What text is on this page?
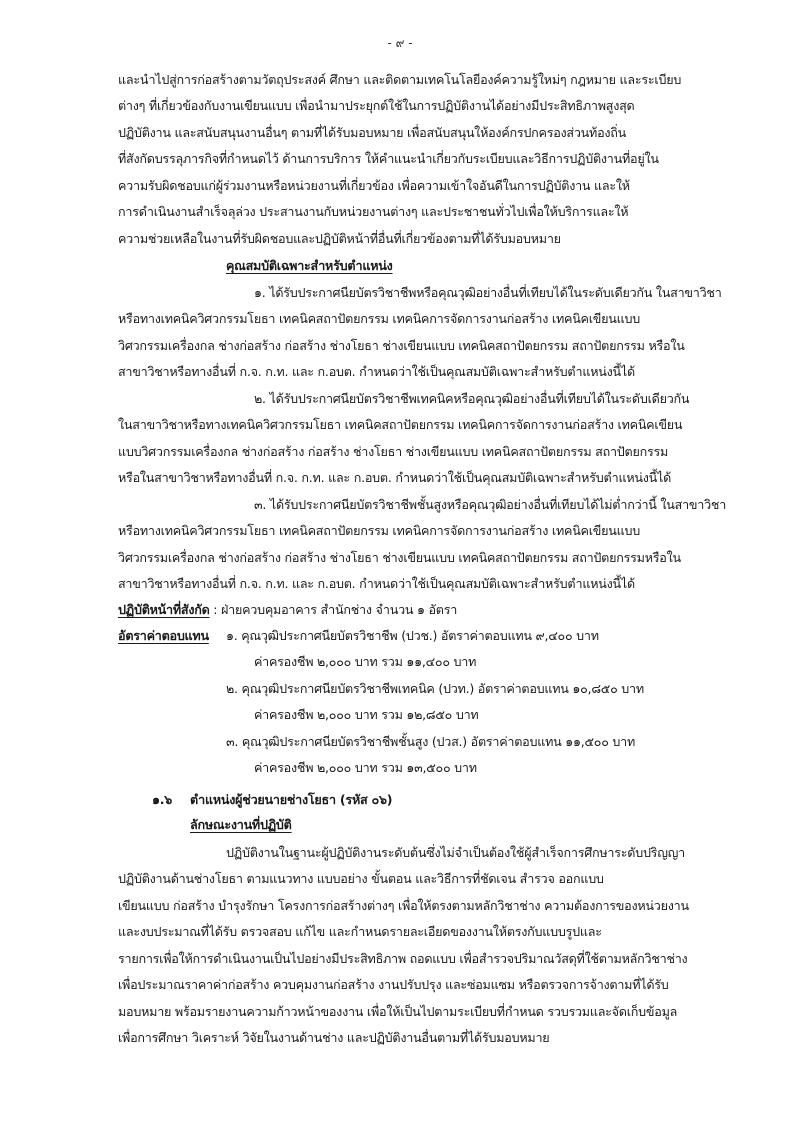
- ๙ -
และนำไปสู่การก่อสร้างตามวัตถุประสงค์ ศึกษา และติดตามเทคโนโลยีองค์ความรู้ใหม่ๆ กฎหมาย และระเบียบ
ต่างๆ ที่เกี่ยวข้องกับงานเขียนแบบ เพื่อนำมาประยุกต์ใช้ในการปฏิบัติงานได้อย่างมีประสิทธิภาพสูงสุด
ปฏิบัติงาน และสนับสนุนงานอื่นๆ ตามที่ได้รับมอบหมาย เพื่อสนับสนุนให้องค์กรปกครองส่วนท้องถิ่น
ที่สังกัดบรรลุภารกิจที่กำหนดไว้ ด้านการบริการ ให้คำแนะนำเกี่ยวกับระเบียบและวิธีการปฏิบัติงานที่อยู่ใน
ความรับผิดชอบแก่ผู้ร่วมงานหรือหน่วยงานที่เกี่ยวข้อง เพื่อความเข้าใจอันดีในการปฏิบัติงาน และให้
การดำเนินงานสำเร็จลุล่วง ประสานงานกับหน่วยงานต่างๆ และประชาชนทั่วไปเพื่อให้บริการและให้
ความช่วยเหลือในงานที่รับผิดชอบและปฏิบัติหน้าที่อื่นที่เกี่ยวข้องตามที่ได้รับมอบหมาย
คุณสมบัติเฉพาะสำหรับตำแหน่ง
๑. ได้รับประกาศนียบัตรวิชาชีพหรือคุณวุฒิอย่างอื่นที่เทียบได้ในระดับเดียวกัน ในสาขาวิชา
หรือทางเทคนิควิศวกรรมโยธา เทคนิคสถาปัตยกรรม เทคนิคการจัดการงานก่อสร้าง เทคนิคเขียนแบบ
วิศวกรรมเครื่องกล ช่างก่อสร้าง ก่อสร้าง ช่างโยธา ช่างเขียนแบบ เทคนิคสถาปัตยกรรม สถาปัตยกรรม หรือใน
สาขาวิชาหรือทางอื่นที่ ก.จ. ก.ท. และ ก.อบต. กำหนดว่าใช้เป็นคุณสมบัติเฉพาะสำหรับตำแหน่งนี้ได้
๒. ได้รับประกาศนียบัตรวิชาชีพเทคนิคหรือคุณวุฒิอย่างอื่นที่เทียบได้ในระดับเดียวกัน
ในสาขาวิชาหรือทางเทคนิควิศวกรรมโยธา เทคนิคสถาปัตยกรรม เทคนิคการจัดการงานก่อสร้าง เทคนิคเขียน
แบบวิศวกรรมเครื่องกล ช่างก่อสร้าง ก่อสร้าง ช่างโยธา ช่างเขียนแบบ เทคนิคสถาปัตยกรรม สถาปัตยกรรม
หรือในสาขาวิชาหรือทางอื่นที่ ก.จ. ก.ท. และ ก.อบต. กำหนดว่าใช้เป็นคุณสมบัติเฉพาะสำหรับตำแหน่งนี้ได้
๓. ได้รับประกาศนียบัตรวิชาชีพชั้นสูงหรือคุณวุฒิอย่างอื่นที่เทียบได้ไม่ต่ำกว่านี้ ในสาขาวิชา
หรือทางเทคนิควิศวกรรมโยธา เทคนิคสถาปัตยกรรม เทคนิคการจัดการงานก่อสร้าง เทคนิคเขียนแบบ
วิศวกรรมเครื่องกล ช่างก่อสร้าง ก่อสร้าง ช่างโยธา ช่างเขียนแบบ เทคนิคสถาปัตยกรรม สถาปัตยกรรมหรือใน
สาขาวิชาหรือทางอื่นที่ ก.จ. ก.ท. และ ก.อบต. กำหนดว่าใช้เป็นคุณสมบัติเฉพาะสำหรับตำแหน่งนี้ได้
ปฏิบัติหน้าที่สังกัด : ฝ่ายควบคุมอาคาร สำนักช่าง จำนวน ๑ อัตรา
อัตราค่าตอบแทน ๑. คุณวุฒิประกาศนียบัตรวิชาชีพ (ปวช.) อัตราค่าตอบแทน ๙,๔๐๐ บาท
ค่าครองชีพ ๒,๐๐๐ บาท รวม ๑๑,๔๐๐ บาท
๒. คุณวุฒิประกาศนียบัตรวิชาชีพเทคนิค (ปวท.) อัตราค่าตอบแทน ๑๐,๘๕๐ บาท
ค่าครองชีพ ๒,๐๐๐ บาท รวม ๑๒,๘๕๐ บาท
๓. คุณวุฒิประกาศนียบัตรวิชาชีพชั้นสูง (ปวส.) อัตราค่าตอบแทน ๑๑,๕๐๐ บาท
ค่าครองชีพ ๒,๐๐๐ บาท รวม ๑๓,๕๐๐ บาท
๑.๖ ตำแหน่งผู้ช่วยนายช่างโยธา (รหัส ๐๖)
ลักษณะงานที่ปฏิบัติ
ปฏิบัติงานในฐานะผู้ปฏิบัติงานระดับต้นซึ่งไม่จำเป็นต้องใช้ผู้สำเร็จการศึกษาระดับปริญญา
ปฏิบัติงานด้านช่างโยธา ตามแนวทาง แบบอย่าง ขั้นตอน และวิธีการที่ชัดเจน สำรวจ ออกแบบ
เขียนแบบ ก่อสร้าง บำรุงรักษา โครงการก่อสร้างต่างๆ เพื่อให้ตรงตามหลักวิชาช่าง ความต้องการของหน่วยงาน
และงบประมาณที่ได้รับ ตรวจสอบ แก้ไข และกำหนดรายละเอียดของงานให้ตรงกับแบบรูปและ
รายการเพื่อให้การดำเนินงานเป็นไปอย่างมีประสิทธิภาพ ถอดแบบ เพื่อสำรวจปริมาณวัสดุที่ใช้ตามหลักวิชาช่าง
เพื่อประมาณราคาค่าก่อสร้าง ควบคุมงานก่อสร้าง งานปรับปรุง และซ่อมแซม หรือตรวจการจ้างตามที่ได้รับ
มอบหมาย พร้อมรายงานความก้าวหน้าของงาน เพื่อให้เป็นไปตามระเบียบที่กำหนด รวบรวมและจัดเก็บข้อมูล
เพื่อการศึกษา วิเคราะห์ วิจัยในงานด้านช่าง และปฏิบัติงานอื่นตามที่ได้รับมอบหมาย
